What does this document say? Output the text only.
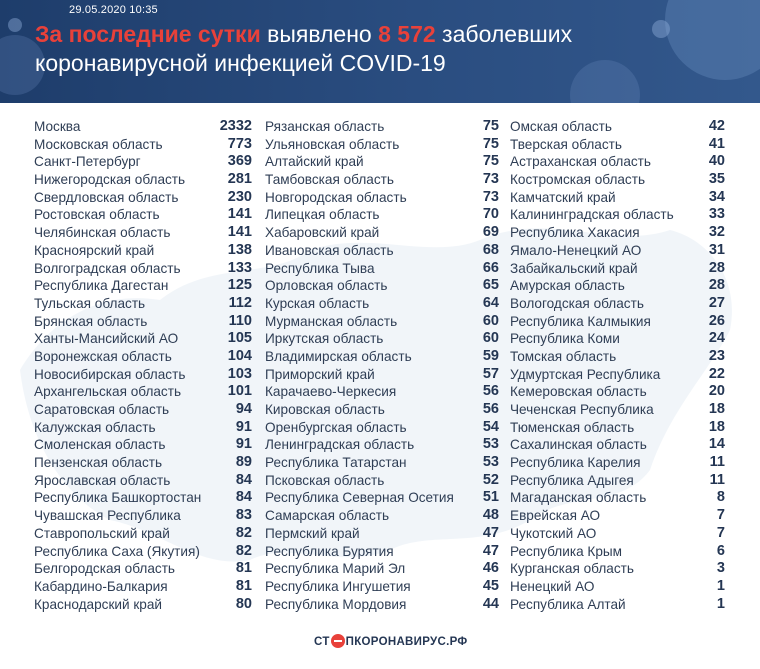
29.05.2020 10:35
За последние сутки выявлено 8 572 заболевших
коронавирусной инфекцией COVID-19
Москва	2332
Московская область	773
Санкт-Петербург	369
Нижегородская область	281
Свердловская область	230
Ростовская область	141
Челябинская область	141
Красноярский край	138
Волгоградская область	133
Республика Дагестан	125
Тульская область	112
Брянская область	110
Ханты-Мансийский АО	105
Воронежская область	104
Новосибирская область	103
Архангельская область	101
Саратовская область	94
Калужская область	91
Смоленская область	91
Пензенская область	89
Ярославская область	84
Республика Башкортостан 84
Чувашская Республика	83
Ставропольский край	82
Республика Саха (Якутия) 82
Белгородская область	81
Кабардино-Балкария	81
Краснодарский край	80
Рязанская область	75
Ульяновская область	75
Алтайский край	75
Тамбовская область	73
Новгородская область	73
Липецкая область	70
Хабаровский край	69
Ивановская область	68
Республика Тыва	66
Орловская область	65
Курская область	64
Мурманская область	60
Иркутская область	60
Владимирская область	59
Приморский край	57
Карачаево-Черкесия	56
Кировская область	56
Оренбургская область	54
Ленинградская область	53
Республика Татарстан	53
Псковская область	52
Республика Северная Осетия 51
Самарская область	48
Пермский край	47
Республика Бурятия	47
Республика Марий Эл	46
Республика Ингушетия	45
Республика Мордовия	44
Омская область	42
Тверская область	41
Астраханская область	40
Костромская область	35
Камчатский край	34
Калининградская область 33
Республика Хакасия	32
Ямало-Ненецкий АО	31
Забайкальский край	28
Амурская область	28
Вологодская область	27
Республика Калмыкия	26
Республика Коми	24
Томская область	23
Удмуртская Республика	22
Кемеровская область	20
Чеченская Республика	18
Тюменская область	18
Сахалинская область	14
Республика Карелия	11
Республика Адыгея	11
Магаданская область	8
Еврейская АО	7
Чукотский АО	7
Республика Крым	6
Курганская область	3
Ненецкий АО	1
Республика Алтай	1
СТ ПКОРОНАВИРУС.РФ
